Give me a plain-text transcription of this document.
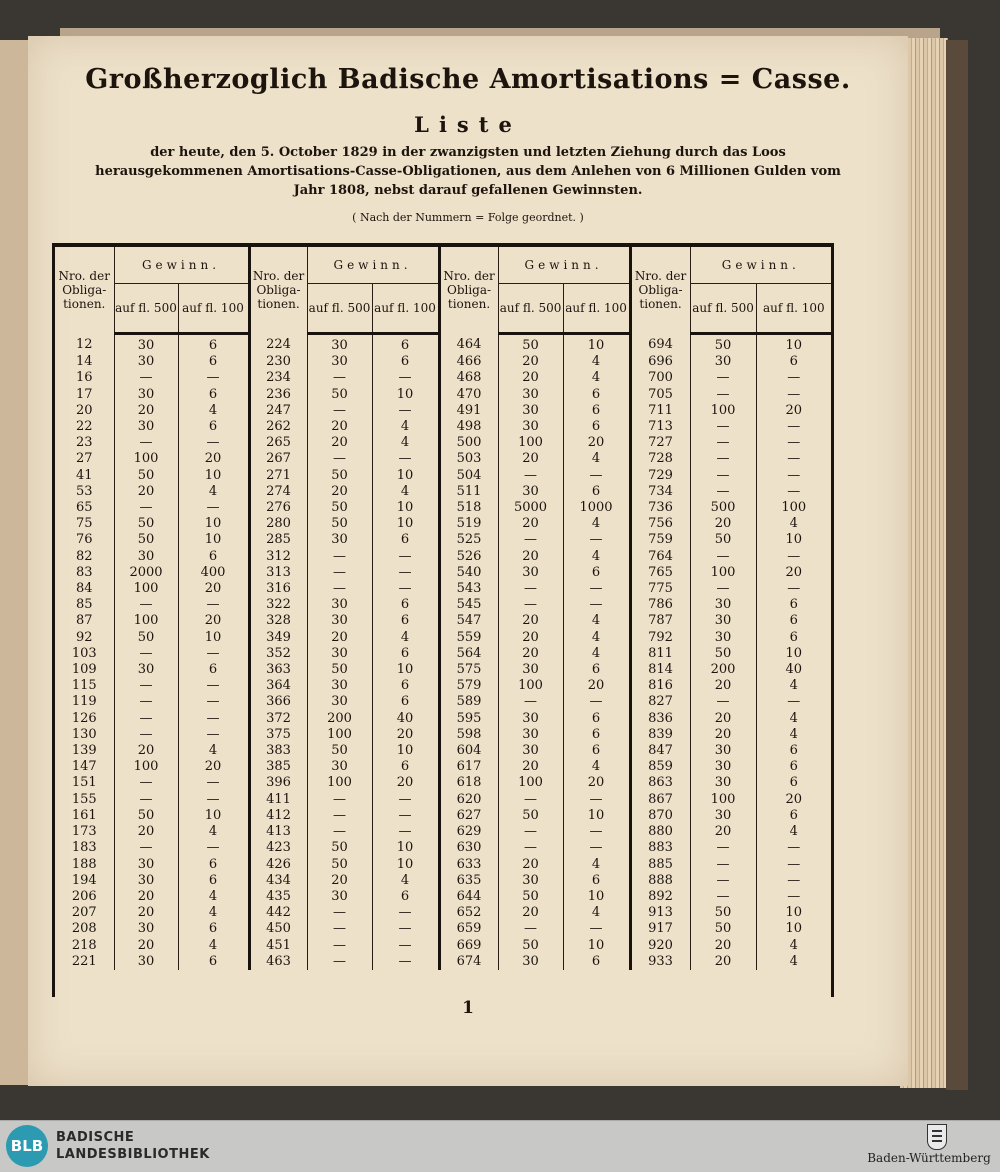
Großherzoglich Badische Amortisations = Casse.
Liste
der heute, den 5. October 1829 in der zwanzigsten und letzten Ziehung durch das Loos herausgekommenen Amortisations-Casse-Obligationen, aus dem Anlehen von 6 Millionen Gulden vom Jahr 1808, nebst darauf gefallenen Gewinnsten.
( Nach der Nummern = Folge geordnet. )
Nro. der Obliga- tionen.	Gewinn.		Nro. der Obliga- tionen.	Gewinn.		Nro. der Obliga- tionen.	Gewinn.		Nro. der Obliga- tionen.	Gewinn.	
	auf fl. 500	auf fl. 100		auf fl. 500	auf fl. 100		auf fl. 500	auf fl. 100		auf fl. 500	auf fl. 100
12	30	6	224	30	6	464	50	10	694	50	10
14	30	6	230	30	6	466	20	4	696	30	6
16	—	—	234	—	—	468	20	4	700	—	—
17	30	6	236	50	10	470	30	6	705	—	—
20	20	4	247	—	—	491	30	6	711	100	20
22	30	6	262	20	4	498	30	6	713	—	—
23	—	—	265	20	4	500	100	20	727	—	—
27	100	20	267	—	—	503	20	4	728	—	—
41	50	10	271	50	10	504	—	—	729	—	—
53	20	4	274	20	4	511	30	6	734	—	—
65	—	—	276	50	10	518	5000	1000	736	500	100
75	50	10	280	50	10	519	20	4	756	20	4
76	50	10	285	30	6	525	—	—	759	50	10
82	30	6	312	—	—	526	20	4	764	—	—
83	2000	400	313	—	—	540	30	6	765	100	20
84	100	20	316	—	—	543	—	—	775	—	—
85	—	—	322	30	6	545	—	—	786	30	6
87	100	20	328	30	6	547	20	4	787	30	6
92	50	10	349	20	4	559	20	4	792	30	6
103	—	—	352	30	6	564	20	4	811	50	10
109	30	6	363	50	10	575	30	6	814	200	40
115	—	—	364	30	6	579	100	20	816	20	4
119	—	—	366	30	6	589	—	—	827	—	—
126	—	—	372	200	40	595	30	6	836	20	4
130	—	—	375	100	20	598	30	6	839	20	4
139	20	4	383	50	10	604	30	6	847	30	6
147	100	20	385	30	6	617	20	4	859	30	6
151	—	—	396	100	20	618	100	20	863	30	6
155	—	—	411	—	—	620	—	—	867	100	20
161	50	10	412	—	—	627	50	10	870	30	6
173	20	4	413	—	—	629	—	—	880	20	4
183	—	—	423	50	10	630	—	—	883	—	—
188	30	6	426	50	10	633	20	4	885	—	—
194	30	6	434	20	4	635	30	6	888	—	—
206	20	4	435	30	6	644	50	10	892	—	—
207	20	4	442	—	—	652	20	4	913	50	10
208	30	6	450	—	—	659	—	—	917	50	10
218	20	4	451	—	—	669	50	10	920	20	4
221	30	6	463	—	—	674	30	6	933	20	4
1
BLB BADISCHE
LANDESBIBLIOTHEK	Baden-Württemberg
